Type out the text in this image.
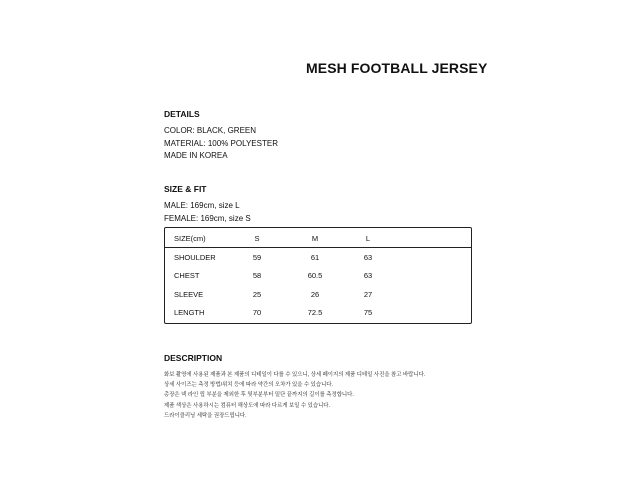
MESH FOOTBALL JERSEY
DETAILS
COLOR: BLACK, GREEN
MATERIAL: 100% POLYESTER
MADE IN KOREA
SIZE & FIT
MALE: 169cm, size L
FEMALE: 169cm, size S
SIZE(cm)	S	M	L
SHOULDER	59	61	63
CHEST	58	60.5	63
SLEEVE	25	26	27
LENGTH	70	72.5	75
DESCRIPTION
화보 촬영에 사용된 제품과 본 제품의 디테일이 다를 수 있으니, 상세 페이지의 제품 디테일 사진을 참고 바랍니다.
상세 사이즈는 측정 방법/위치 등에 따라 약간의 오차가 있을 수 있습니다.
총장은 넥 라인 립 부분을 제외한 후 뒷부분부터 밑단 끝까지의 길이를 측정합니다.
제품 색상은 사용하시는 컴퓨터 해상도에 따라 다르게 보일 수 있습니다.
드라이클리닝 세탁을 권장드립니다.
